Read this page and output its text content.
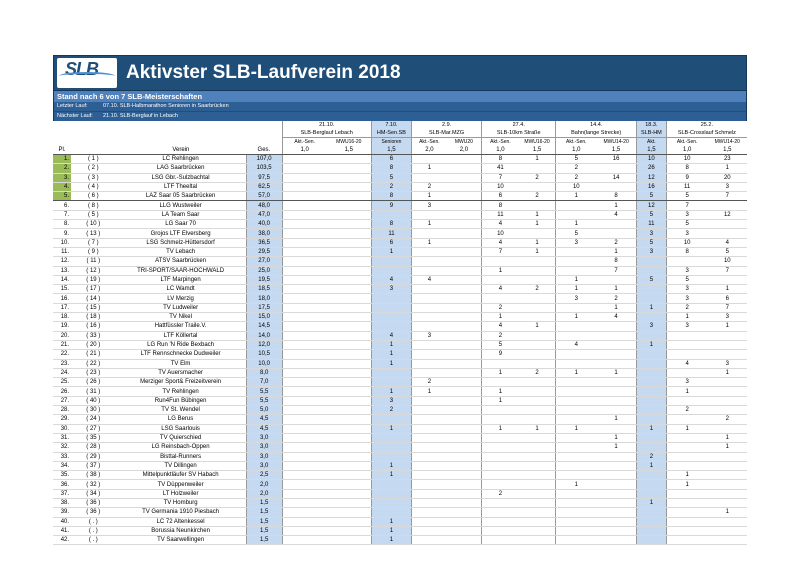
SLB Aktivster SLB-Laufverein 2018
Stand nach 6 von 7 SLB-Meisterschaften
Letzter Lauf:	07.10. SLB-Halbmarathon Senioren in Saarbrücken
Nächster Lauf: 21.10. SLB-Berglauf in Lebach
				21.10.		7.10.	2.9.		27.4.		14.4.		18.3.	25.2.	
				SLB-Berglauf Lebach		HM-Sen.SB	SLB-Mar.MZG		SLB-10km Straße		Bahn(lange Strecke)		SLB-HM	SLB-Crosslauf Schmelz	
				Akt.-Sen.	MWU16-20	Senioren	Akt.-Sen.	MWU20	Akt.-Sen.	MWU16-20	Akt.-Sen.	MWU14-20	Akt.	Akt.-Sen.	MWU14-20
Pl.		Verein	Ges.	1,0	1,5	1,5	2,0	2,0	1,0	1,5	1,0	1,5	1,5	1,0	1,5
1.	( 1 )	LC Rehlingen	107,0			6			8	1	5	16	10	10	23
2.	( 2 )	LAG Saarbrücken	103,5			8	1		41		2		26	8	1
3.	( 3 )	LSG Gbr.-Sulzbachtal	97,5			5			7	2	2	14	12	9	20
4.	( 4 )	LTF Theeltal	62,5			2	2		10		10		16	11	3
5.	( 6 )	LAZ Saar 05 Saarbrücken	57,0			8	1		6	2	1	8	5	5	7
6.	( 8 )	LLG Wustweiler	48,0			9	3		8			1	12	7	
7.	( 5 )	LA Team Saar	47,0						11	1		4	5	3	12
8.	( 10 )	LG Saar 70	40,0			8	1		4	1	1		11	5	
9.	( 13 )	Grojos LTF Elversberg	38,0			11			10		5		3	3	
10.	( 7 )	LSG Schmelz-Hüttersdorf	36,5			6	1		4	1	3	2	5	10	4
11.	( 9 )	TV Lebach	29,5			1			7	1		1	3	8	5
12.	( 11 )	ATSV Saarbrücken	27,0									8			10
13.	( 12 )	TRI-SPORT/SAAR-HOCHWALD	25,0						1			7		3	7
14.	( 19 )	LTF Marpingen	19,5			4	4				1		5	5	
15.	( 17 )	LC Wamdt	18,5			3			4	2	1	1		3	1
16.	( 14 )	LV Merzig	18,0								3	2		3	6
17.	( 15 )	TV Ludweiler	17,5						2			1	1	2	7
18.	( 18 )	TV Nikel	15,0						1		1	4		1	3
19.	( 16 )	Hattfüssler Traile.V.	14,5						4	1			3	3	1
20.	( 33 )	LTF Köllertal	14,0			4	3		2						
21.	( 20 )	LG Run 'N Ride Bexbach	12,0			1			5		4		1		
22.	( 21 )	LTF Rennschnecke Dudweiler	10,5			1			9						
23.	( 22 )	TV Elm	10,0			1								4	3
24.	( 23 )	TV Auersmacher	8,0						1	2	1	1			1
25.	( 26 )	Merziger Sport& Freizeitverein	7,0				2							3	
26.	( 31 )	TV Rehlingen	5,5			1	1		1					1	
27.	( 40 )	Run4Fun Bübingen	5,5			3			1						
28.	( 30 )	TV St. Wendel	5,0			2								2	
29.	( 24 )	LG Berus	4,5									1			2
30.	( 27 )	LSG Saarlouis	4,5			1			1	1	1		1	1	
31.	( 35 )	TV Quierschied	3,0									1			1
32.	( 28 )	LG Reinsbach-Oppen	3,0									1			1
33.	( 29 )	Bisttal-Runners	3,0										2		
34.	( 37 )	TV Dillingen	3,0			1							1		
35.	( 38 )	Mittelpunktläufer SV Habach	2,5			1								1	
36.	( 32 )	TV Düppenweiler	2,0								1			1	
37.	( 34 )	LT Holzweiler	2,0						2						
38.	( 36 )	TV Homburg	1,5										1		
39.	( 36 )	TV Germania 1910 Piesbach	1,5												1
40.	( . )	LC 72 Altenkessel	1,5			1									
41.	( . )	Borussia Neunkirchen	1,5			1									
42.	( . )	TV Saarwellingen	1,5			1									
